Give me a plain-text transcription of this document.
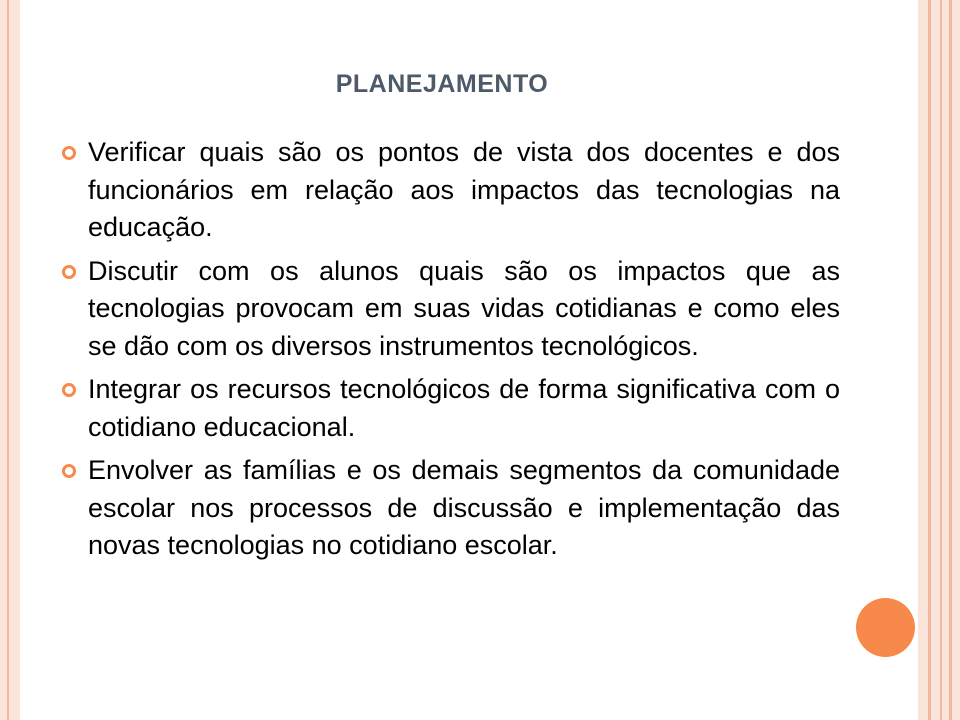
PLANEJAMENTO
Verificar quais são os pontos de vista dos docentes e dos funcionários em relação aos impactos das tecnologias na educação.
Discutir com os alunos quais são os impactos que as tecnologias provocam em suas vidas cotidianas e como eles se dão com os diversos instrumentos tecnológicos.
Integrar os recursos tecnológicos de forma significativa com o cotidiano educacional.
Envolver as famílias e os demais segmentos da comunidade escolar nos processos de discussão e implementação das novas tecnologias no cotidiano escolar.
